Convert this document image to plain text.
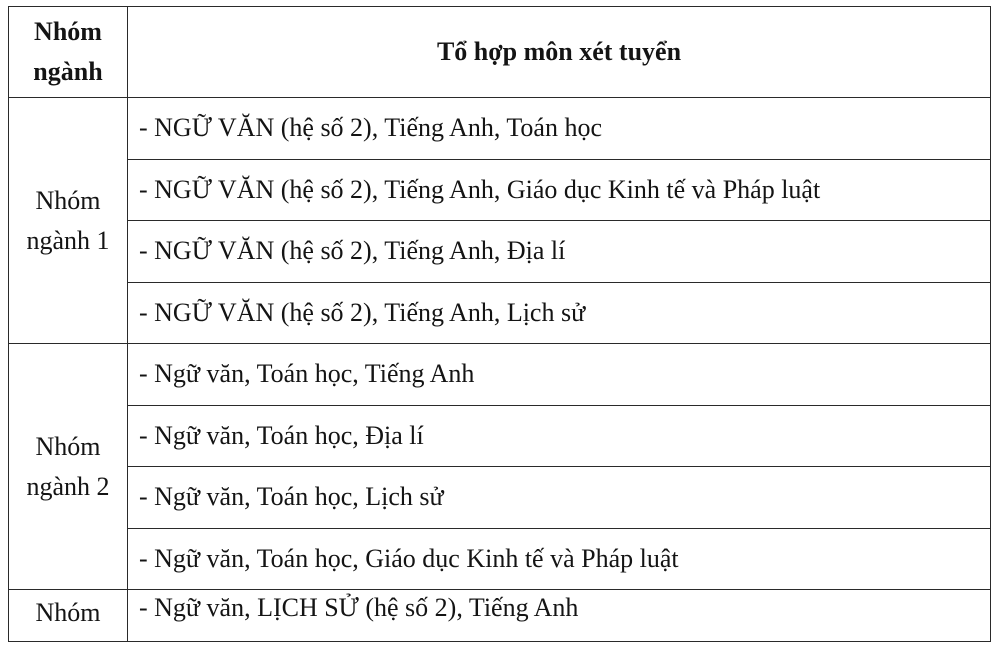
Nhóm ngành	Tổ hợp môn xét tuyển
Nhóm ngành 1	- NGỮ VĂN (hệ số 2), Tiếng Anh, Toán học
	- NGỮ VĂN (hệ số 2), Tiếng Anh, Giáo dục Kinh tế và Pháp luật
	- NGỮ VĂN (hệ số 2), Tiếng Anh, Địa lí
	- NGỮ VĂN (hệ số 2), Tiếng Anh, Lịch sử
Nhóm ngành 2	- Ngữ văn, Toán học, Tiếng Anh
	- Ngữ văn, Toán học, Địa lí
	- Ngữ văn, Toán học, Lịch sử
	- Ngữ văn, Toán học, Giáo dục Kinh tế và Pháp luật
Nhóm	- Ngữ văn, LỊCH SỬ (hệ số 2), Tiếng Anh
